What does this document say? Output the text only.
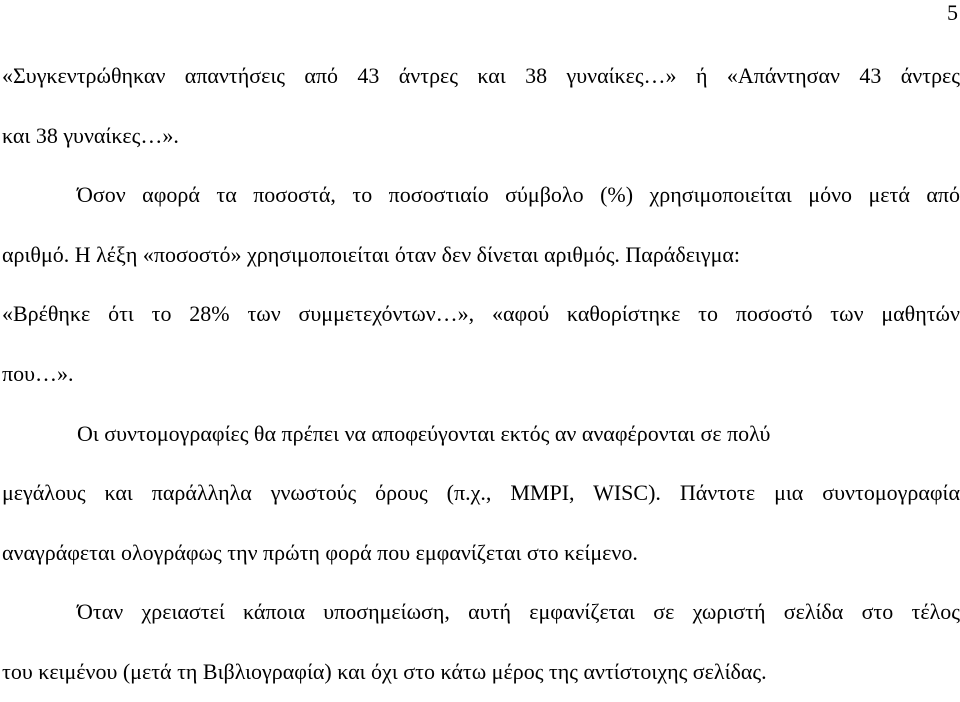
5
«Συγκεντρώθηκαν απαντήσεις από 43 άντρες και 38 γυναίκες…» ή «Απάντησαν 43 άντρες
και 38 γυναίκες…».
Όσον αφορά τα ποσοστά, το ποσοστιαίο σύμβολο (%) χρησιμοποιείται μόνο μετά από
αριθμό. Η λέξη «ποσοστό» χρησιμοποιείται όταν δεν δίνεται αριθμός. Παράδειγμα:
«Βρέθηκε ότι το 28% των συμμετεχόντων…», «αφού καθορίστηκε το ποσοστό των μαθητών
που…».
Οι συντομογραφίες θα πρέπει να αποφεύγονται εκτός αν αναφέρονται σε πολύ
μεγάλους και παράλληλα γνωστούς όρους (π.χ., MMPI, WISC). Πάντοτε μια συντομογραφία
αναγράφεται ολογράφως την πρώτη φορά που εμφανίζεται στο κείμενο.
Όταν χρειαστεί κάποια υποσημείωση, αυτή εμφανίζεται σε χωριστή σελίδα στο τέλος
του κειμένου (μετά τη Βιβλιογραφία) και όχι στο κάτω μέρος της αντίστοιχης σελίδας.
